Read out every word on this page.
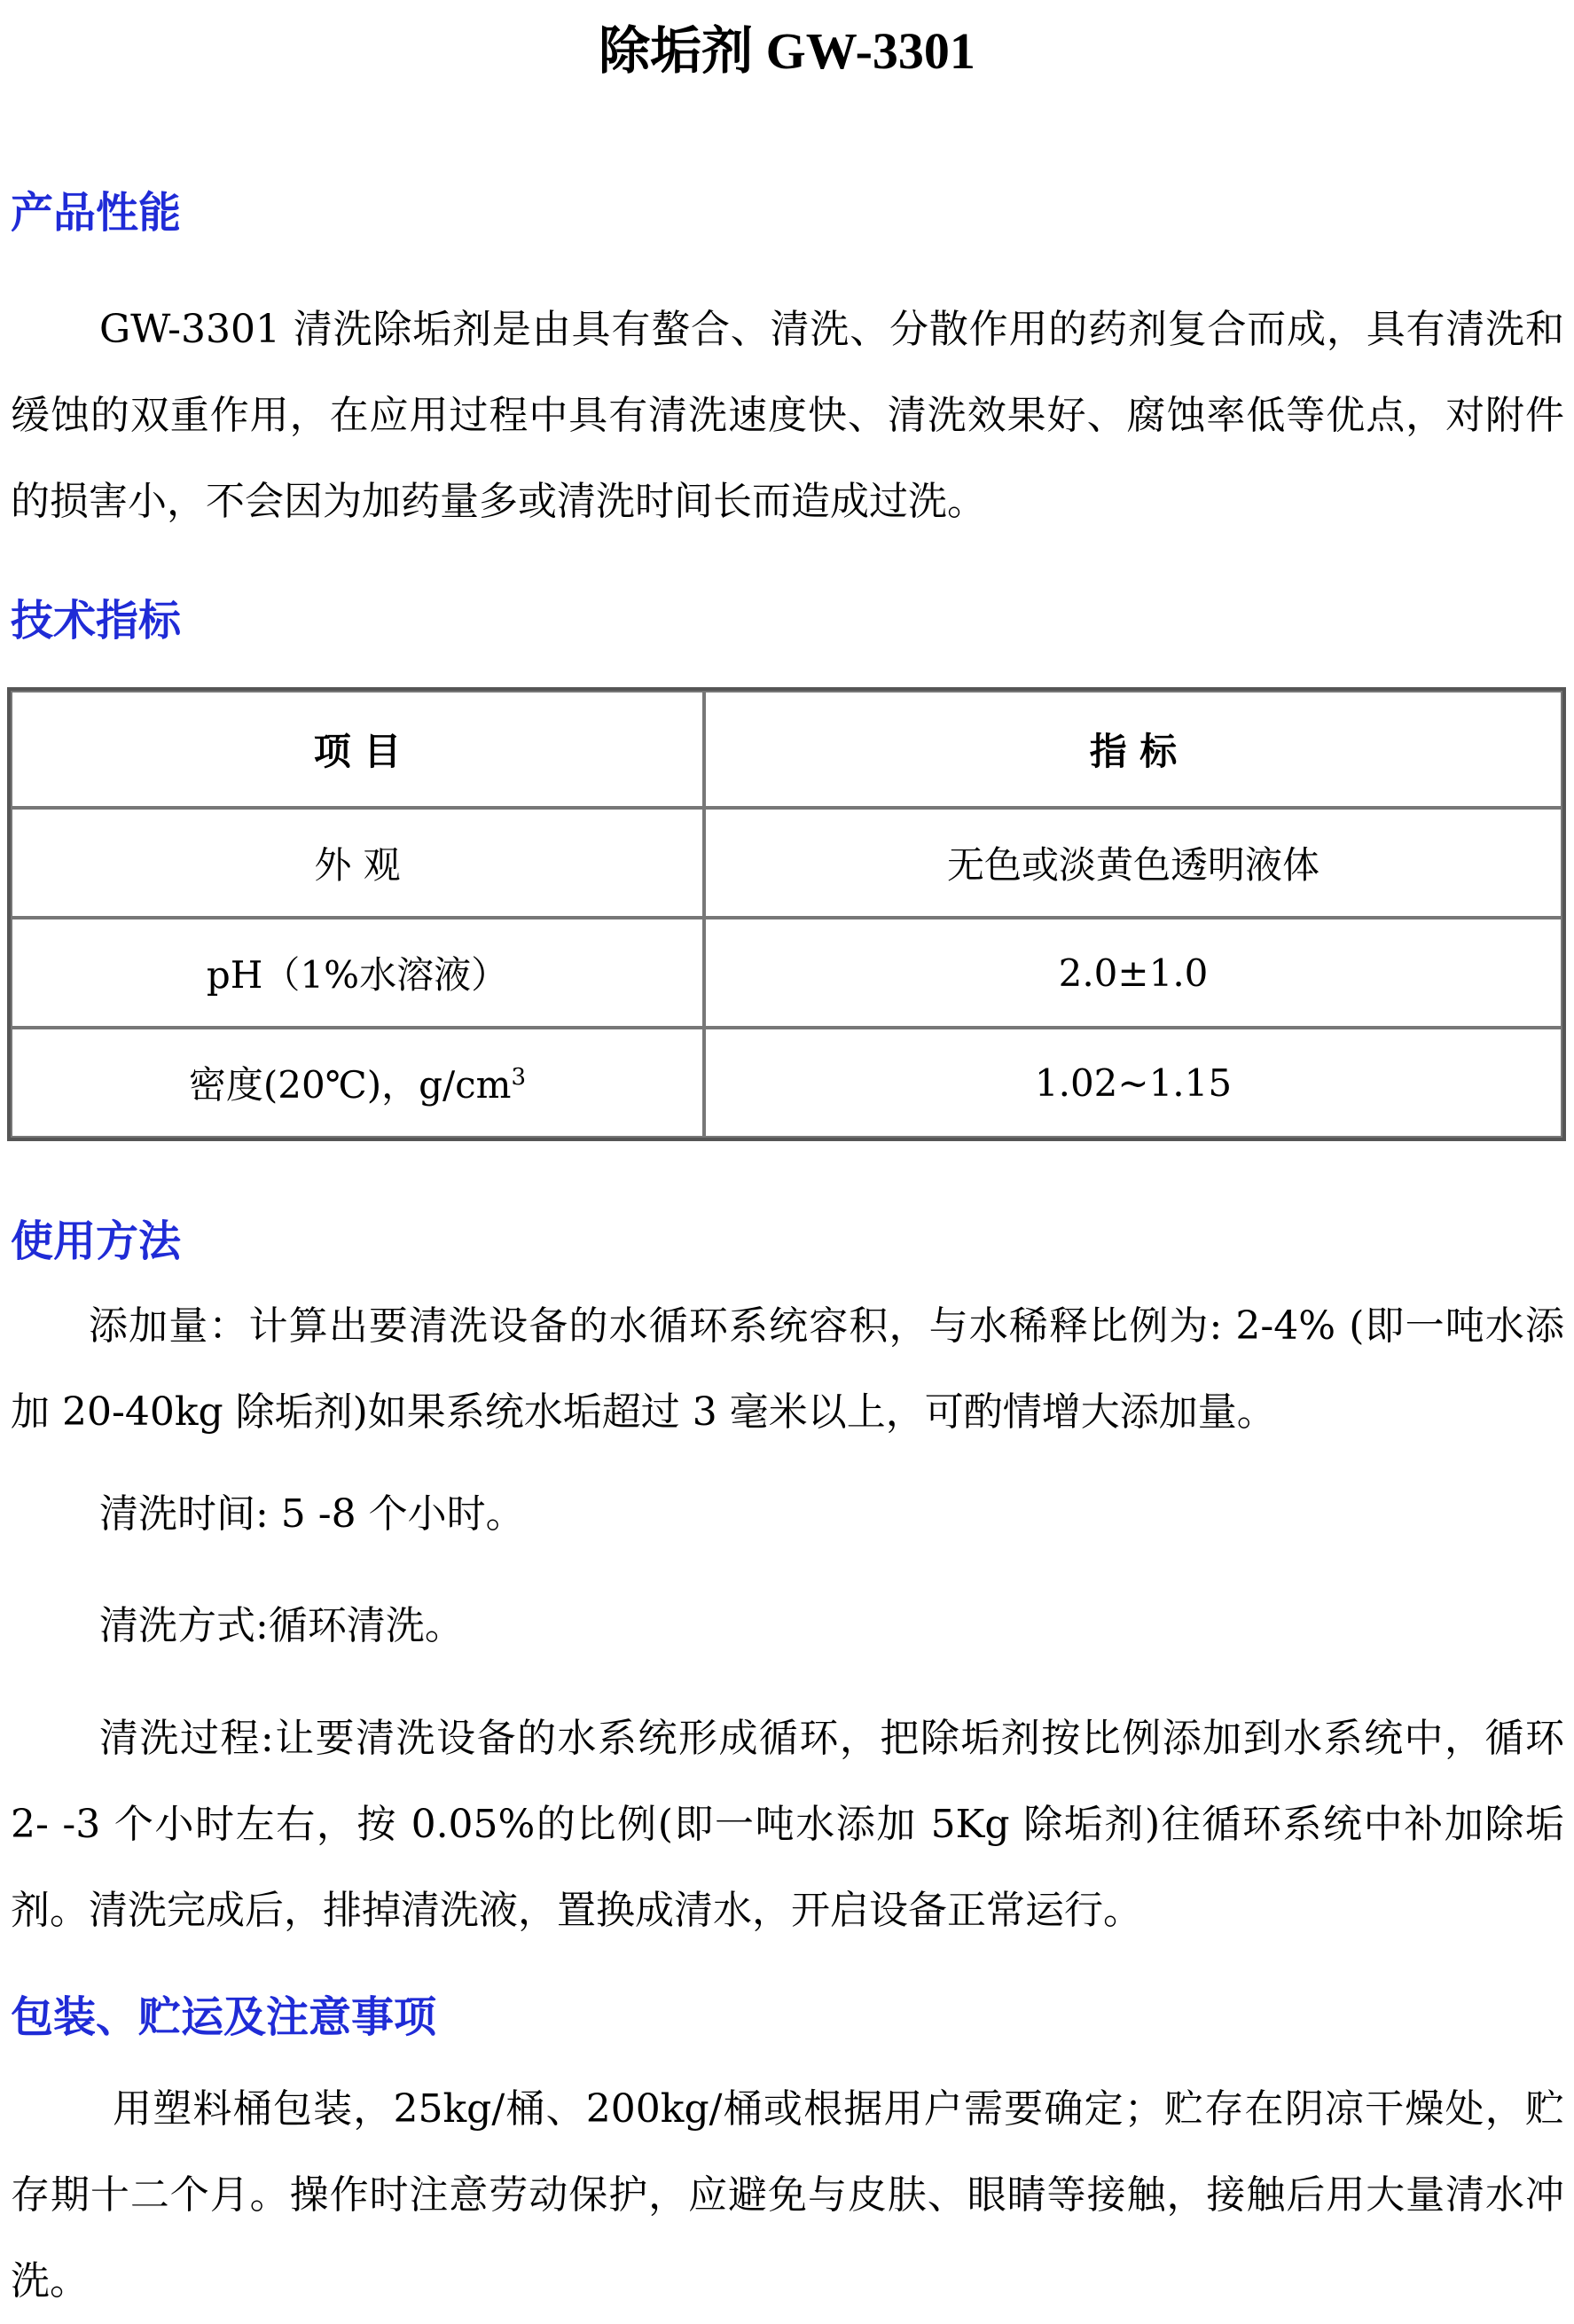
除垢剂 GW-3301
产品性能

GW-3301 清洗除垢剂是由具有螯合、清洗、分散作用的药剂复合而成，具有清洗和缓蚀的双重作用，在应用过程中具有清洗速度快、清洗效果好、腐蚀率低等优点，对附件的损害小，不会因为加药量多或清洗时间长而造成过洗。

技术指标
项 目	指 标
外 观	无色或淡黄色透明液体
pH（1%水溶液）	2.0±1.0
密度(20℃)，$g/cm^3$	1.02~1.15
使用方法

添加量：计算出要清洗设备的水循环系统容积，与水稀释比例为: 2-4% (即一吨水添加 20-40kg 除垢剂)如果系统水垢超过 3 毫米以上，可酌情增大添加量。

清洗时间: 5 -8 个小时。
清洗方式:循环清洗。

清洗过程:让要清洗设备的水系统形成循环，把除垢剂按比例添加到水系统中，循环 2- -3 个小时左右，按 0.05%的比例(即一吨水添加 5Kg 除垢剂)往循环系统中补加除垢剂。清洗完成后，排掉清洗液，置换成清水，开启设备正常运行。

包装、贮运及注意事项

用塑料桶包装，25kg/桶、200kg/桶或根据用户需要确定；贮存在阴凉干燥处，贮存期十二个月。操作时注意劳动保护，应避免与皮肤、眼睛等接触，接触后用大量清水冲洗。
